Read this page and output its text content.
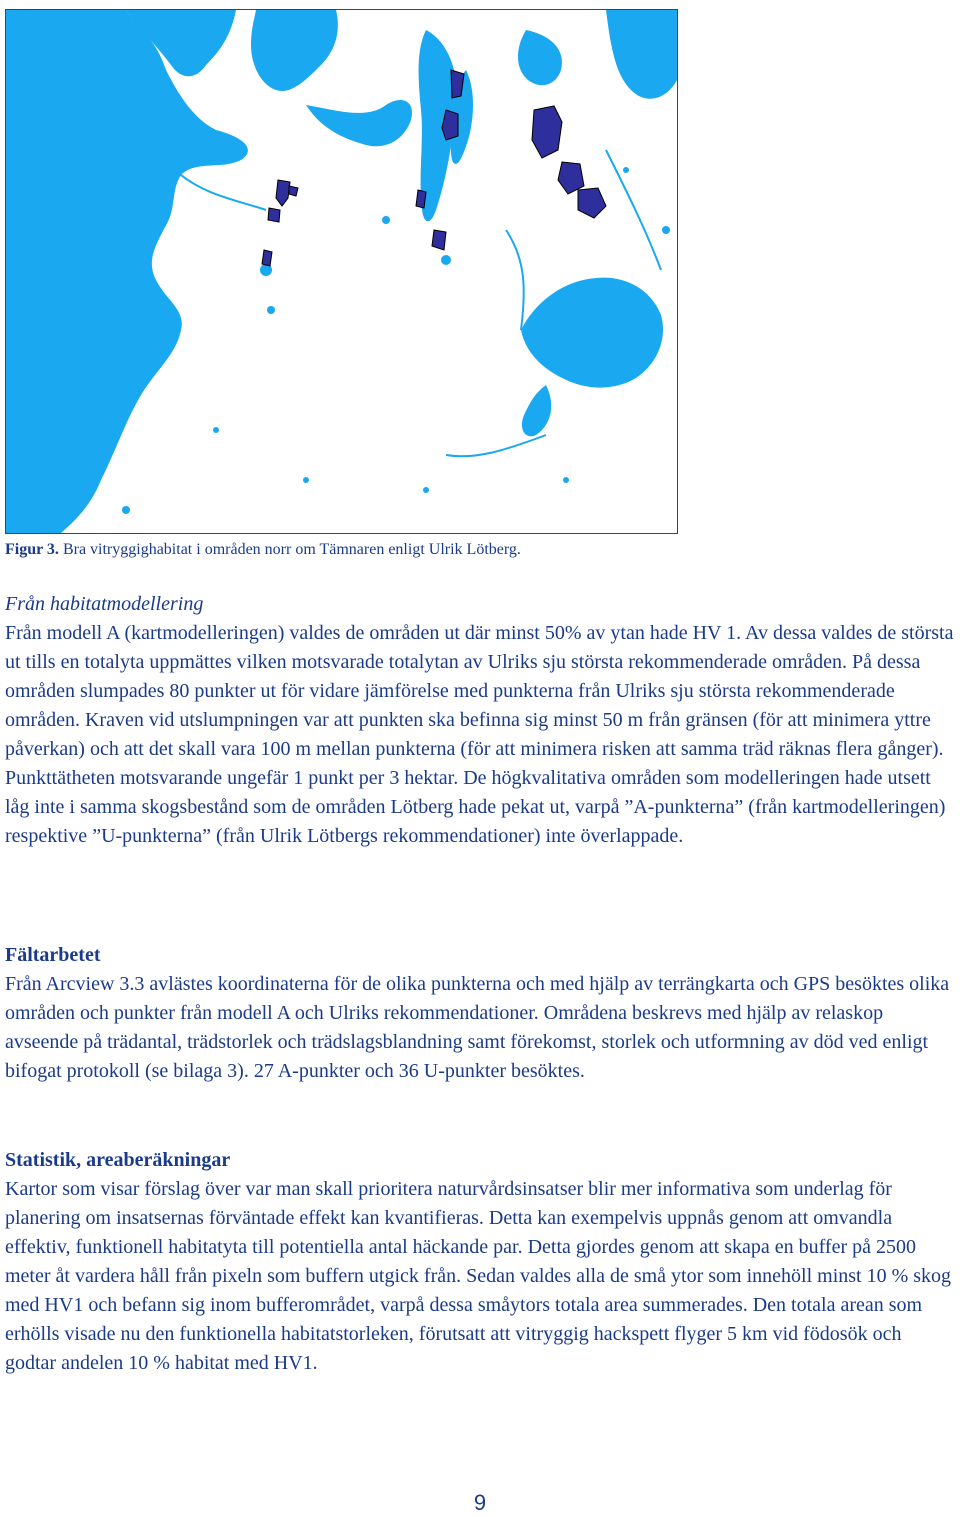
Figur 3. Bra vitryggighabitat i områden norr om Tämnaren enligt Ulrik Lötberg.

Från habitatmodellering

Från modell A (kartmodelleringen) valdes de områden ut där minst 50% av ytan hade HV 1. Av dessa valdes de största ut tills en totalyta uppmättes vilken motsvarade totalytan av Ulriks sju största rekommenderade områden. På dessa områden slumpades 80 punkter ut för vidare jämförelse med punkterna från Ulriks sju största rekommenderade områden. Kraven vid utslumpningen var att punkten ska befinna sig minst 50 m från gränsen (för att minimera yttre påverkan) och att det skall vara 100 m mellan punkterna (för att minimera risken att samma träd räknas flera gånger). Punkttätheten motsvarande ungefär 1 punkt per 3 hektar. De högkvalitativa områden som modelleringen hade utsett låg inte i samma skogsbestånd som de områden Lötberg hade pekat ut, varpå ”A-punkterna” (från kartmodelleringen) respektive ”U-punkterna” (från Ulrik Lötbergs rekommendationer) inte överlappade.

Fältarbetet

Från Arcview 3.3 avlästes koordinaterna för de olika punkterna och med hjälp av terrängkarta och GPS besöktes olika områden och punkter från modell A och Ulriks rekommendationer. Områdena beskrevs med hjälp av relaskop avseende på trädantal, trädstorlek och trädslagsblandning samt förekomst, storlek och utformning av död ved enligt bifogat protokoll (se bilaga 3). 27 A-punkter och 36 U-punkter besöktes.

Statistik, areaberäkningar

Kartor som visar förslag över var man skall prioritera naturvårdsinsatser blir mer informativa som underlag för planering om insatsernas förväntade effekt kan kvantifieras. Detta kan exempelvis uppnås genom att omvandla effektiv, funktionell habitatyta till potentiella antal häckande par. Detta gjordes genom att skapa en buffer på 2500 meter åt vardera håll från pixeln som buffern utgick från. Sedan valdes alla de små ytor som innehöll minst 10 % skog med HV1 och befann sig inom bufferområdet, varpå dessa småytors totala area summerades. Den totala arean som erhölls visade nu den funktionella habitatstorleken, förutsatt att vitryggig hackspett flyger 5 km vid födosök och godtar andelen 10 % habitat med HV1.

9
